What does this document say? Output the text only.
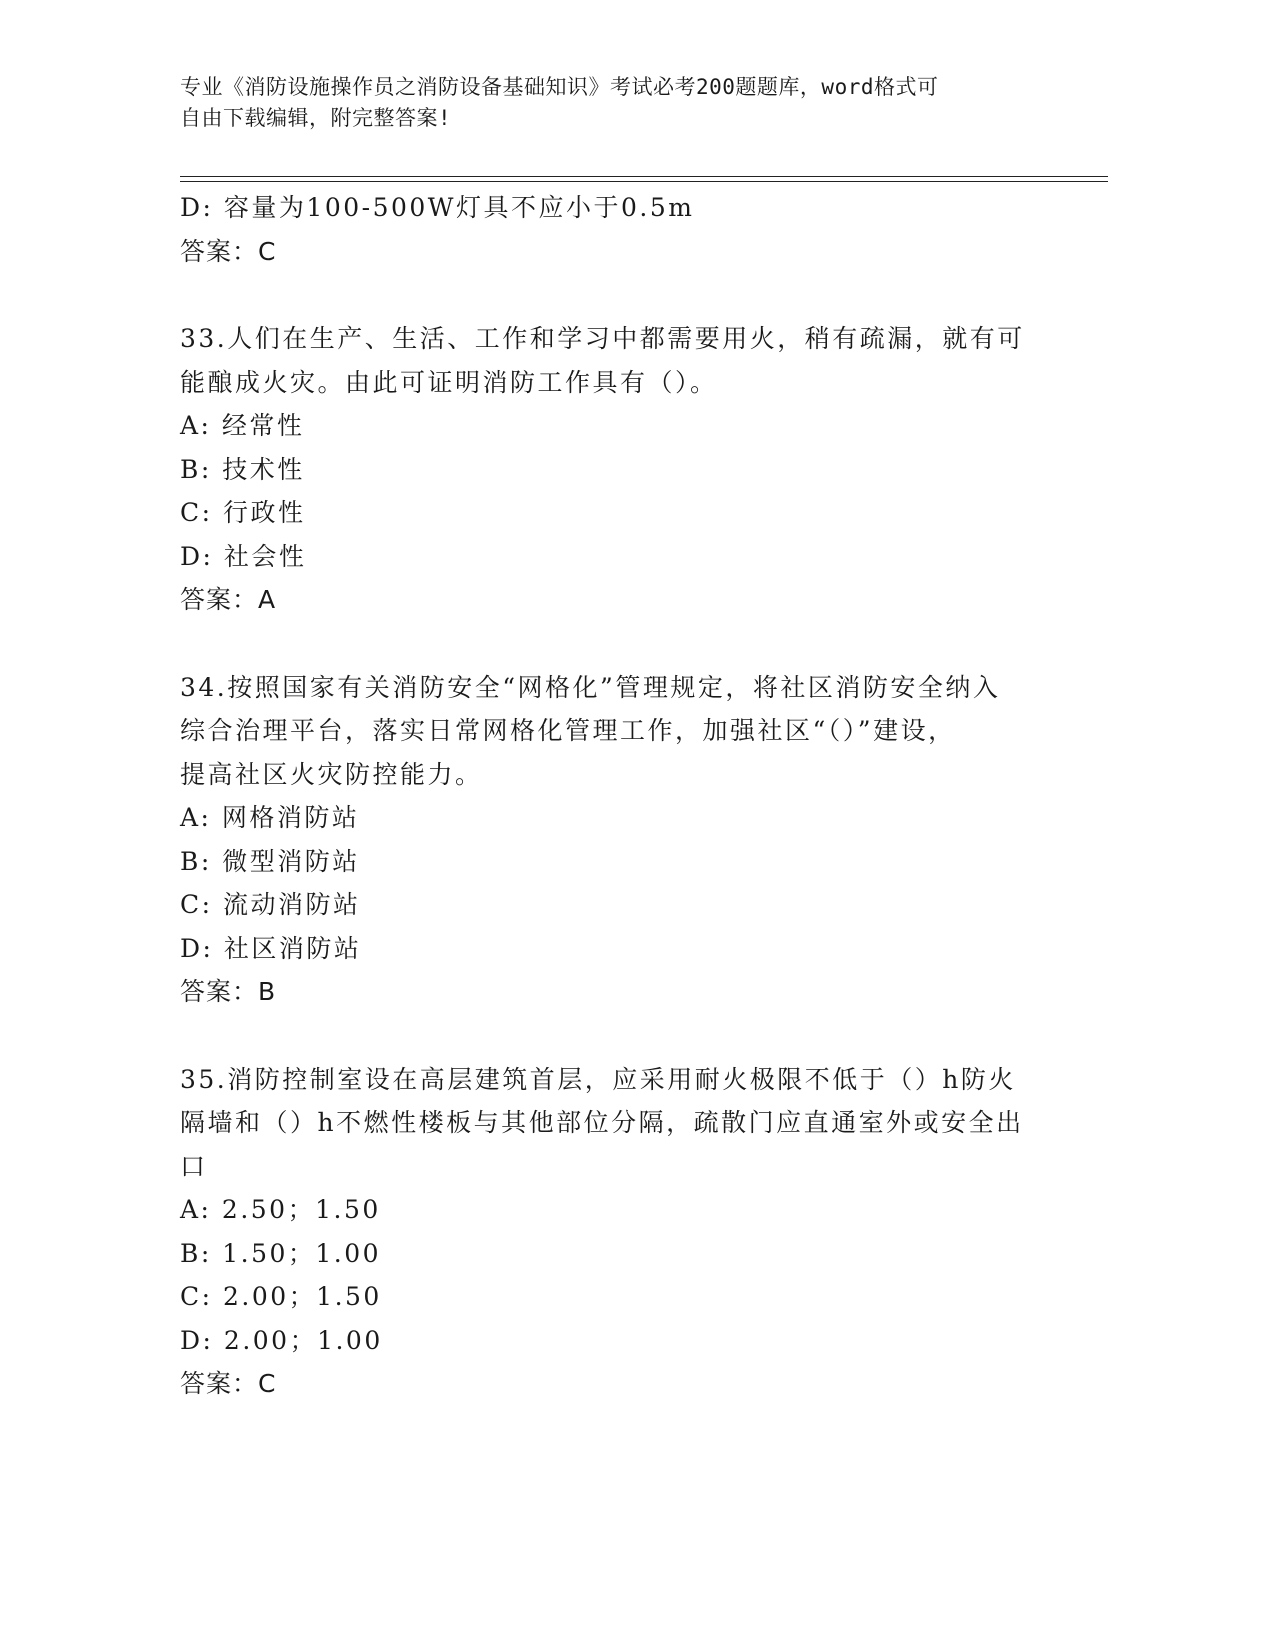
专业《消防设施操作员之消防设备基础知识》考试必考200题题库，word格式可
自由下载编辑，附完整答案!
D: 容量为100-500W灯具不应小于0.5m
答案：C
33.人们在生产、生活、工作和学习中都需要用火，稍有疏漏，就有可
能酿成火灾。由此可证明消防工作具有（）。
A: 经常性
B: 技术性
C: 行政性
D: 社会性
答案：A
34.按照国家有关消防安全“网格化”管理规定，将社区消防安全纳入
综合治理平台，落实日常网格化管理工作，加强社区“（）”建设，
提高社区火灾防控能力。
A: 网格消防站
B: 微型消防站
C: 流动消防站
D: 社区消防站
答案：B
35.消防控制室设在高层建筑首层，应采用耐火极限不低于（）h防火
隔墙和（）h不燃性楼板与其他部位分隔，疏散门应直通室外或安全出
口
A: 2.50；1.50
B: 1.50；1.00
C: 2.00；1.50
D: 2.00；1.00
答案：C
